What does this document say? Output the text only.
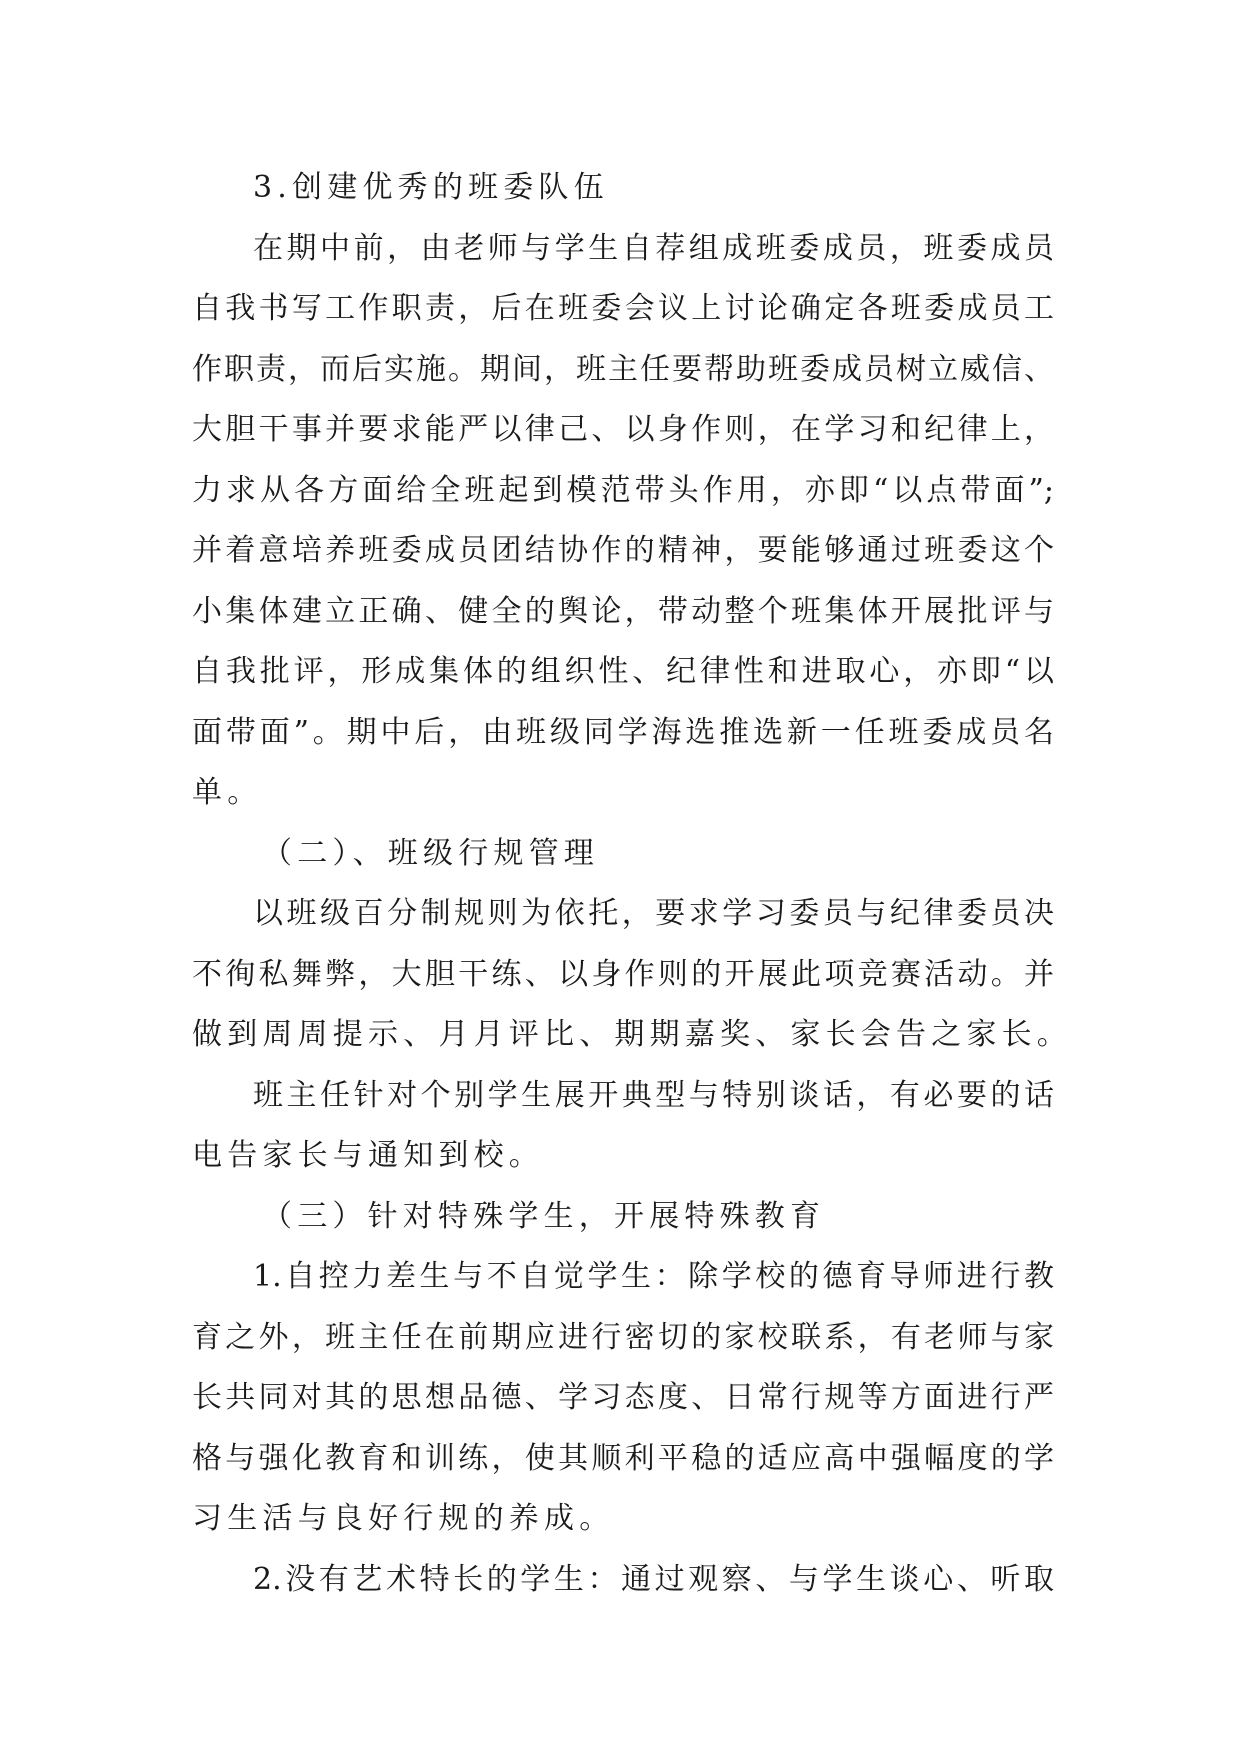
3.创建优秀的班委队伍
在期中前，由老师与学生自荐组成班委成员，班委成员
自我书写工作职责，后在班委会议上讨论确定各班委成员工
作职责，而后实施。期间，班主任要帮助班委成员树立威信、
大胆干事并要求能严以律己、以身作则，在学习和纪律上，
力求从各方面给全班起到模范带头作用，亦即“以点带面”;
并着意培养班委成员团结协作的精神，要能够通过班委这个
小集体建立正确、健全的舆论，带动整个班集体开展批评与
自我批评，形成集体的组织性、纪律性和进取心，亦即“以
面带面”。期中后，由班级同学海选推选新一任班委成员名
单。
（二）、班级行规管理
以班级百分制规则为依托，要求学习委员与纪律委员决
不徇私舞弊，大胆干练、以身作则的开展此项竞赛活动。并
做到周周提示、月月评比、期期嘉奖、家长会告之家长。
班主任针对个别学生展开典型与特别谈话，有必要的话
电告家长与通知到校。
（三）针对特殊学生，开展特殊教育
1.自控力差生与不自觉学生：除学校的德育导师进行教
育之外，班主任在前期应进行密切的家校联系，有老师与家
长共同对其的思想品德、学习态度、日常行规等方面进行严
格与强化教育和训练，使其顺利平稳的适应高中强幅度的学
习生活与良好行规的养成。
2.没有艺术特长的学生：通过观察、与学生谈心、听取
